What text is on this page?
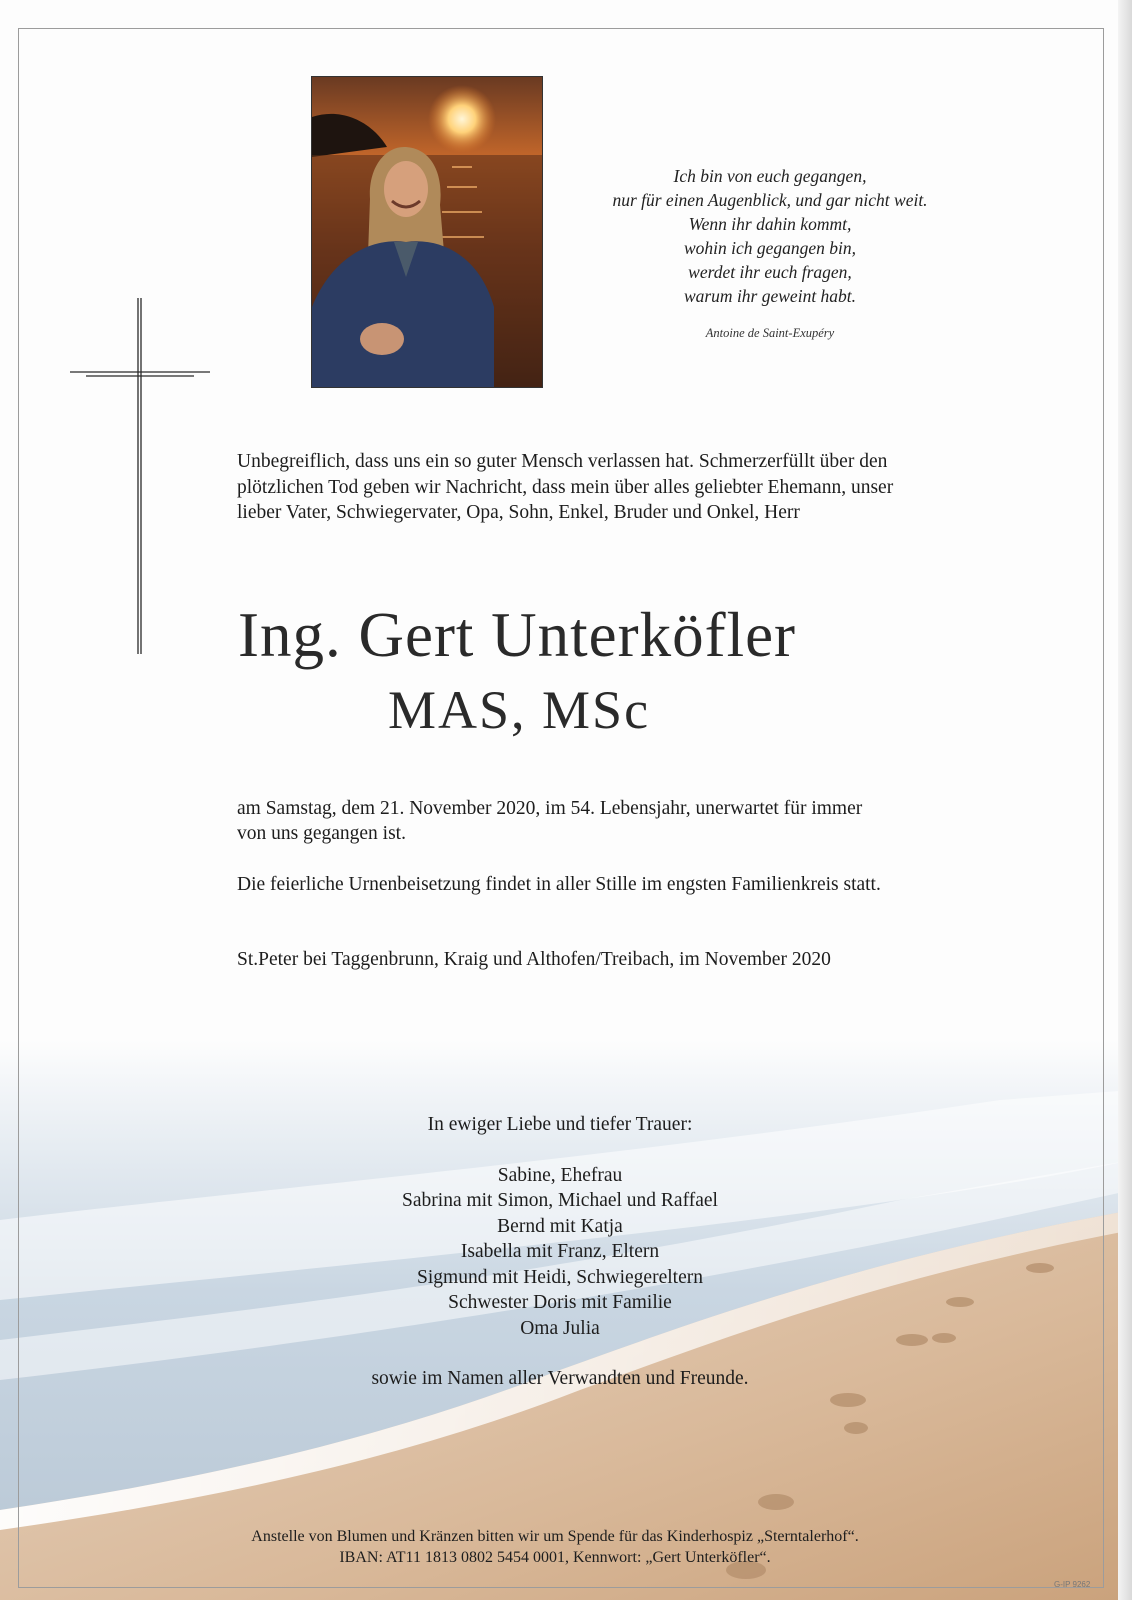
Ich bin von euch gegangen,
nur für einen Augenblick, und gar nicht weit.
Wenn ihr dahin kommt,
wohin ich gegangen bin,
werdet ihr euch fragen,
warum ihr geweint habt.
Antoine de Saint-Exupéry
Unbegreiflich, dass uns ein so guter Mensch verlassen hat. Schmerzerfüllt über den
plötzlichen Tod geben wir Nachricht, dass mein über alles geliebter Ehemann, unser
lieber Vater, Schwiegervater, Opa, Sohn, Enkel, Bruder und Onkel, Herr
Ing. Gert Unterköfler
MAS, MSc
am Samstag, dem 21. November 2020, im 54. Lebensjahr, unerwartet für immer
von uns gegangen ist.
Die feierliche Urnenbeisetzung findet in aller Stille im engsten Familienkreis statt.
St.Peter bei Taggenbrunn, Kraig und Althofen/Treibach, im November 2020
In ewiger Liebe und tiefer Trauer:
Sabine, Ehefrau
Sabrina mit Simon, Michael und Raffael
Bernd mit Katja
Isabella mit Franz, Eltern
Sigmund mit Heidi, Schwiegereltern
Schwester Doris mit Familie
Oma Julia
sowie im Namen aller Verwandten und Freunde.
Anstelle von Blumen und Kränzen bitten wir um Spende für das Kinderhospiz „Sterntalerhof“.
IBAN: AT11 1813 0802 5454 0001, Kennwort: „Gert Unterköfler“.
G-IP 9262
